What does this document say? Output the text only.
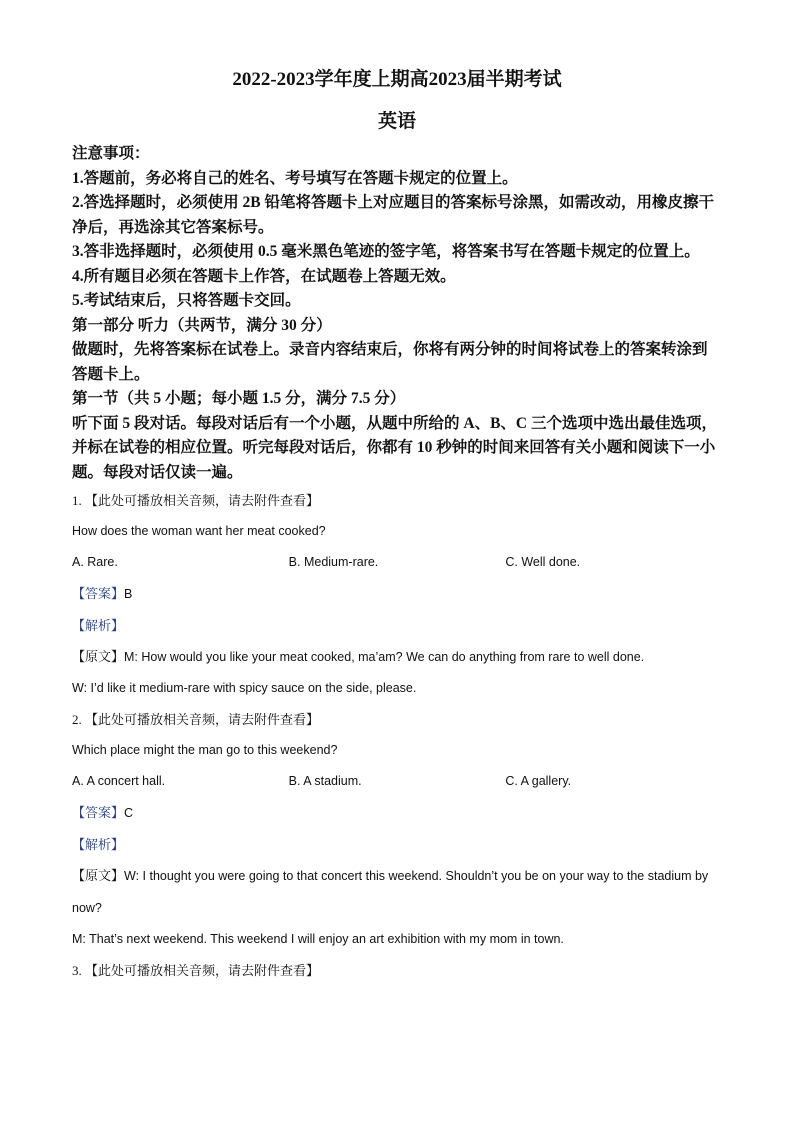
2022-2023学年度上期高2023届半期考试
英语

注意事项：

1.答题前，务必将自己的姓名、考号填写在答题卡规定的位置上。

2.答选择题时，必须使用 2B 铅笔将答题卡上对应题目的答案标号涂黑，如需改动，用橡皮擦干净后，再选涂其它答案标号。

3.答非选择题时，必须使用 0.5 毫米黑色笔迹的签字笔，将答案书写在答题卡规定的位置上。

4.所有题目必须在答题卡上作答，在试题卷上答题无效。

5.考试结束后，只将答题卡交回。

第一部分 听力（共两节，满分 30 分）

做题时，先将答案标在试卷上。录音内容结束后，你将有两分钟的时间将试卷上的答案转涂到答题卡上。

第一节（共 5 小题；每小题 1.5 分，满分 7.5 分）

听下面 5 段对话。每段对话后有一个小题，从题中所给的 A、B、C 三个选项中选出最佳选项，并标在试卷的相应位置。听完每段对话后，你都有 10 秒钟的时间来回答有关小题和阅读下一小题。每段对话仅读一遍。

1. 【此处可播放相关音频，请去附件查看】

How does the woman want her meat cooked?

A. Rare.	B. Medium-rare.	C. Well done.

【答案】B

【解析】

【原文】M: How would you like your meat cooked, ma’am? We can do anything from rare to well done.

W: I’d like it medium-rare with spicy sauce on the side, please.

2. 【此处可播放相关音频，请去附件查看】

Which place might the man go to this weekend?

A. A concert hall.	B. A stadium.	C. A gallery.

【答案】C

【解析】

【原文】W: I thought you were going to that concert this weekend. Shouldn’t you be on your way to the stadium by now?

M: That’s next weekend. This weekend I will enjoy an art exhibition with my mom in town.

3. 【此处可播放相关音频，请去附件查看】
